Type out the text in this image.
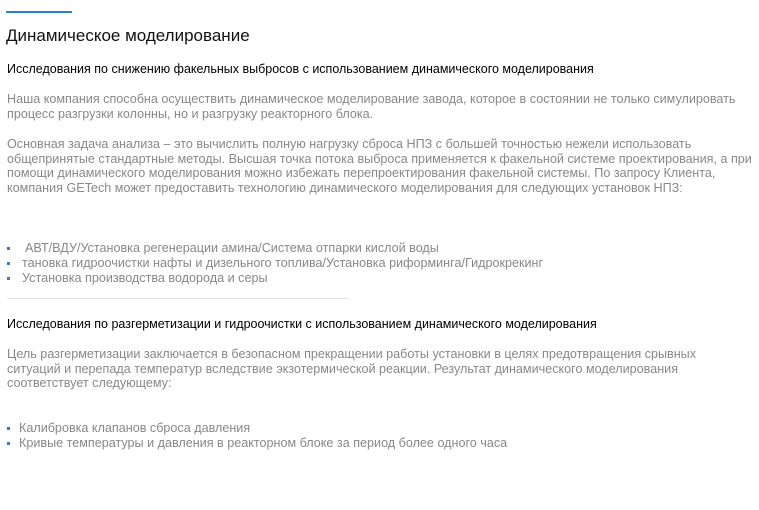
Динамическое моделирование
Исследования по снижению факельных выбросов с использованием динамического моделирования

Наша компания способна осуществить динамическое моделирование завода, которое в состоянии не только симулировать процесс разгрузки колонны, но и разгрузку реакторного блока.

Основная задача анализа – это вычислить полную нагрузку сброса НПЗ с большей точностью нежели использовать общепринятые стандартные методы. Высшая точка потока выброса применяется к факельной системе проектирования, а при помощи динамического моделирования можно избежать перепроектирования факельной системы. По запросу Клиента, компания GETech может предоставить технологию динамического моделирования для следующих установок НПЗ:

АВТ/ВДУ/Установка регенерации амина/Система отпарки кислой воды
тановка гидроочистки нафты и дизельного топлива/Установка риформинга/Гидрокрекинг
Установка производства водорода и серы
Исследования по разгерметизации и гидроочистки с использованием динамического моделирования

Цель разгерметизации заключается в безопасном прекращении работы установки в целях предотвращения срывных ситуаций и перепада температур вследствие экзотермической реакции. Результат динамического моделирования соответствует следующему:

Калибровка клапанов сброса давления
Кривые температуры и давления в реакторном блоке за период более одного часа
